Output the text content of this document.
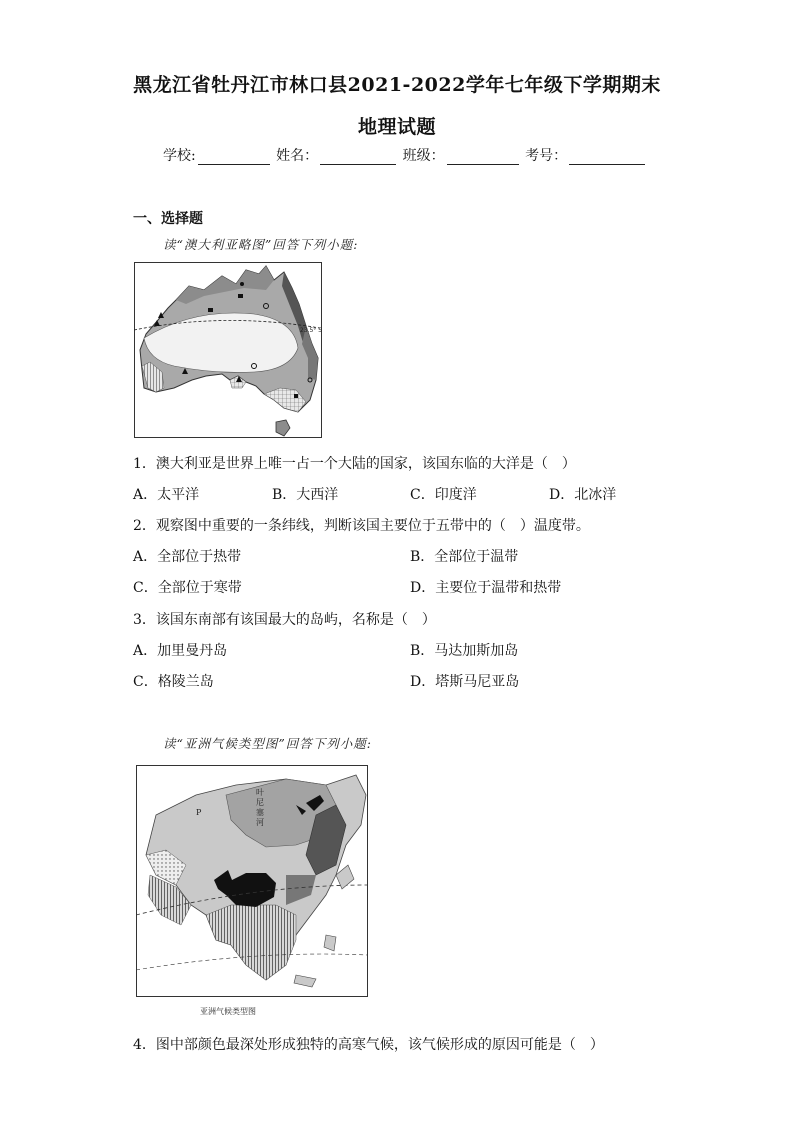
黑龙江省牡丹江市林口县2021-2022学年七年级下学期期末
地理试题
学校:	姓名：	班级：	考号：
一、选择题
读“澳大利亚略图”回答下列小题:
23.5° S
1．澳大利亚是世界上唯一占一个大陆的国家，该国东临的大洋是（　）
A．太平洋	B．大西洋	C．印度洋	D．北冰洋
2．观察图中重要的一条纬线，判断该国主要位于五带中的（　）温度带。
A．全部位于热带	B．全部位于温带
C．全部位于寒带	D．主要位于温带和热带
3．该国东南部有该国最大的岛屿，名称是（　）
A．加里曼丹岛	B．马达加斯加岛
C．格陵兰岛	D．塔斯马尼亚岛
读“亚洲气候类型图”回答下列小题:
P
叶
尼
塞
河
亚洲气候类型图
4．图中部颜色最深处形成独特的高寒气候，该气候形成的原因可能是（　）
